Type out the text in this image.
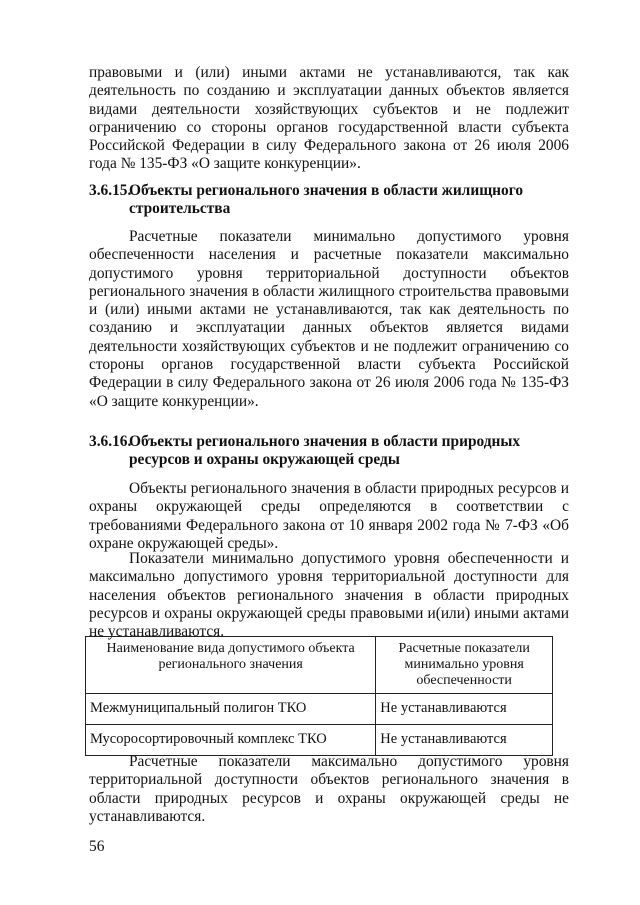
правовыми и (или) иными актами не устанавливаются, так как деятельность по созданию и эксплуатации данных объектов является видами деятельности хозяйствующих субъектов и не подлежит ограничению со стороны органов государственной власти субъекта Российской Федерации в силу Федерального закона от 26 июля 2006 года № 135-ФЗ «О защите конкуренции».

3.6.15.
Объекты регионального значения в области жилищного строительства

Расчетные показатели минимально допустимого уровня обеспеченности населения и расчетные показатели максимально допустимого уровня территориальной доступности объектов регионального значения в области жилищного строительства правовыми и (или) иными актами не устанавливаются, так как деятельность по созданию и эксплуатации данных объектов является видами деятельности хозяйствующих субъектов и не подлежит ограничению со стороны органов государственной власти субъекта Российской Федерации в силу Федерального закона от 26 июля 2006 года № 135-ФЗ «О защите конкуренции».

3.6.16.
Объекты регионального значения в области природных ресурсов и охраны окружающей среды

Объекты регионального значения в области природных ресурсов и охраны окружающей среды определяются в соответствии с требованиями Федерального закона от 10 января 2002 года № 7-ФЗ «Об охране окружающей среды».

Показатели минимально допустимого уровня обеспеченности и максимально допустимого уровня территориальной доступности для населения объектов регионального значения в области природных ресурсов и охраны окружающей среды правовыми и(или) иными актами не устанавливаются.

Наименование вида допустимого объекта регионального значения	Расчетные показатели минимально уровня обеспеченности
Межмуниципальный полигон ТКО	Не устанавливаются
Мусоросортировочный комплекс ТКО	Не устанавливаются

Расчетные показатели максимально допустимого уровня территориальной доступности объектов регионального значения в области природных ресурсов и охраны окружающей среды не устанавливаются.

56
